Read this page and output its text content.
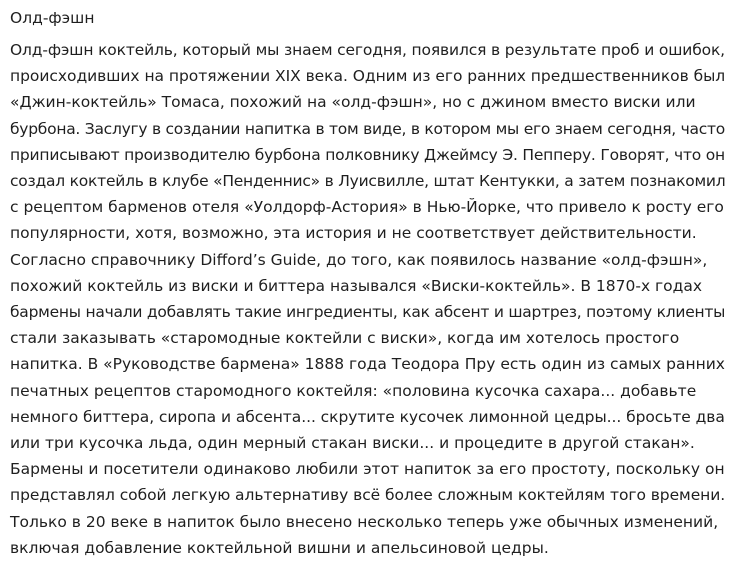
Олд-фэшн
Олд-фэшн коктейль, который мы знаем сегодня, появился в результате проб и ошибок,
происходивших на протяжении XIX века. Одним из его ранних предшественников был
«Джин-коктейль» Томаса, похожий на «олд-фэшн», но с джином вместо виски или
бурбона. Заслугу в создании напитка в том виде, в котором мы его знаем сегодня, часто
приписывают производителю бурбона полковнику Джеймсу Э. Пепперу. Говорят, что он
создал коктейль в клубе «Пенденнис» в Луисвилле, штат Кентукки, а затем познакомил
с рецептом барменов отеля «Уолдорф-Астория» в Нью-Йорке, что привело к росту его
популярности, хотя, возможно, эта история и не соответствует действительности.
Согласно справочнику Difford’s Guide, до того, как появилось название «олд-фэшн»,
похожий коктейль из виски и биттера назывался «Виски-коктейль». В 1870-х годах
бармены начали добавлять такие ингредиенты, как абсент и шартрез, поэтому клиенты
стали заказывать «старомодные коктейли с виски», когда им хотелось простого
напитка. В «Руководстве бармена» 1888 года Теодора Пру есть один из самых ранних
печатных рецептов старомодного коктейля: «половина кусочка сахара... добавьте
немного биттера, сиропа и абсента... скрутите кусочек лимонной цедры... бросьте два
или три кусочка льда, один мерный стакан виски... и процедите в другой стакан».
Бармены и посетители одинаково любили этот напиток за его простоту, поскольку он
представлял собой легкую альтернативу всё более сложным коктейлям того времени.
Только в 20 веке в напиток было внесено несколько теперь уже обычных изменений,
включая добавление коктейльной вишни и апельсиновой цедры.
